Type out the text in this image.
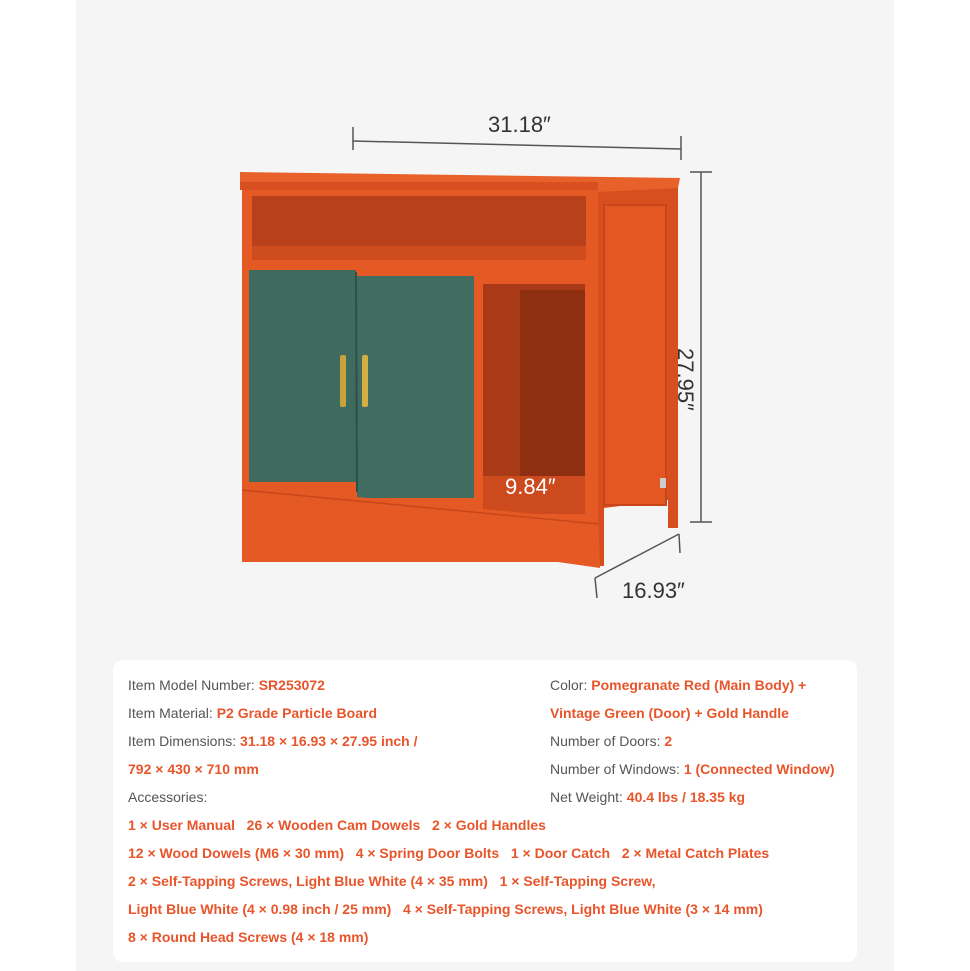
31.18″
27.95″
16.93″
9.84″
Item Model Number: SR253072
Item Material: P2 Grade Particle Board
Item Dimensions: 31.18 × 16.93 × 27.95 inch /
792 × 430 × 710 mm
Accessories:
Color: Pomegranate Red (Main Body) +
Vintage Green (Door) + Gold Handle
Number of Doors: 2
Number of Windows: 1 (Connected Window)
Net Weight: 40.4 lbs / 18.35 kg
1 × User Manual   26 × Wooden Cam Dowels   2 × Gold Handles
12 × Wood Dowels (M6 × 30 mm)   4 × Spring Door Bolts   1 × Door Catch   2 × Metal Catch Plates
2 × Self-Tapping Screws, Light Blue White (4 × 35 mm)   1 × Self-Tapping Screw,
Light Blue White (4 × 0.98 inch / 25 mm)   4 × Self-Tapping Screws, Light Blue White (3 × 14 mm)
8 × Round Head Screws (4 × 18 mm)
